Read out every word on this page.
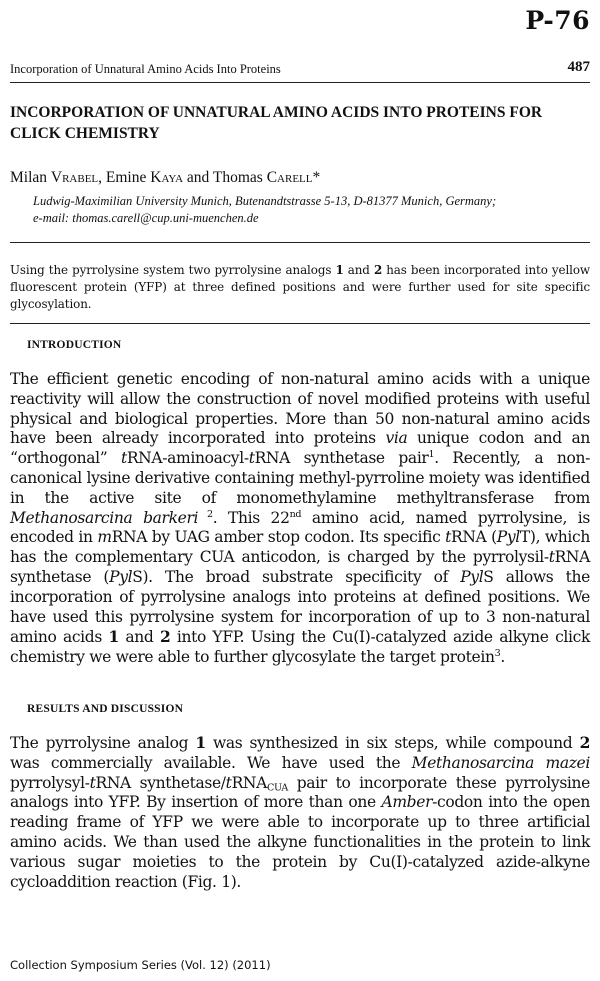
P-76
Incorporation of Unnatural Amino Acids Into Proteins	487
INCORPORATION OF UNNATURAL AMINO ACIDS INTO PROTEINS FOR CLICK CHEMISTRY
Milan Vrabel, Emine Kaya and Thomas Carell*
Ludwig-Maximilian University Munich, Butenandtstrasse 5-13, D-81377 Munich, Germany;
e-mail: thomas.carell@cup.uni-muenchen.de
Using the pyrrolysine system two pyrrolysine analogs 1 and 2 has been incorporated into yellow fluorescent protein (YFP) at three defined positions and were further used for site specific glycosylation.
INTRODUCTION
The efficient genetic encoding of non-natural amino acids with a unique reactivity will allow the construction of novel modified proteins with useful physical and biological properties. More than 50 non-natural amino acids have been already incorporated into proteins via unique codon and an “orthogonal” tRNA-aminoacyl-tRNA synthetase pair$^1$. Recently, a non-canonical lysine derivative containing methyl-pyrroline moiety was identified in the active site of monomethylamine methyltransferase from Methanosarcina barkeri $^2$. This 22nd amino acid, named pyrrolysine, is encoded in mRNA by UAG amber stop codon. Its specific tRNA (PylT), which has the complementary CUA anticodon, is charged by the pyrrolysil-tRNA synthetase (PylS). The broad substrate specificity of PylS allows the incorporation of pyrrolysine analogs into proteins at defined positions. We have used this pyrrolysine system for incorporation of up to 3 non-natural amino acids 1 and 2 into YFP. Using the Cu(I)-catalyzed azide alkyne click chemistry we were able to further glycosylate the target protein$^3$.
RESULTS AND DISCUSSION
The pyrrolysine analog 1 was synthesized in six steps, while compound 2 was commercially available. We have used the Methanosarcina mazei pyrrolysyl-tRNA synthetase/tRNA$_{CUA}$ pair to incorporate these pyrrolysine analogs into YFP. By insertion of more than one Amber-codon into the open reading frame of YFP we were able to incorporate up to three artificial amino acids. We than used the alkyne functionalities in the protein to link various sugar moieties to the protein by Cu(I)-catalyzed azide-alkyne cycloaddition reaction (Fig. 1).
Collection Symposium Series (Vol. 12) (2011)
